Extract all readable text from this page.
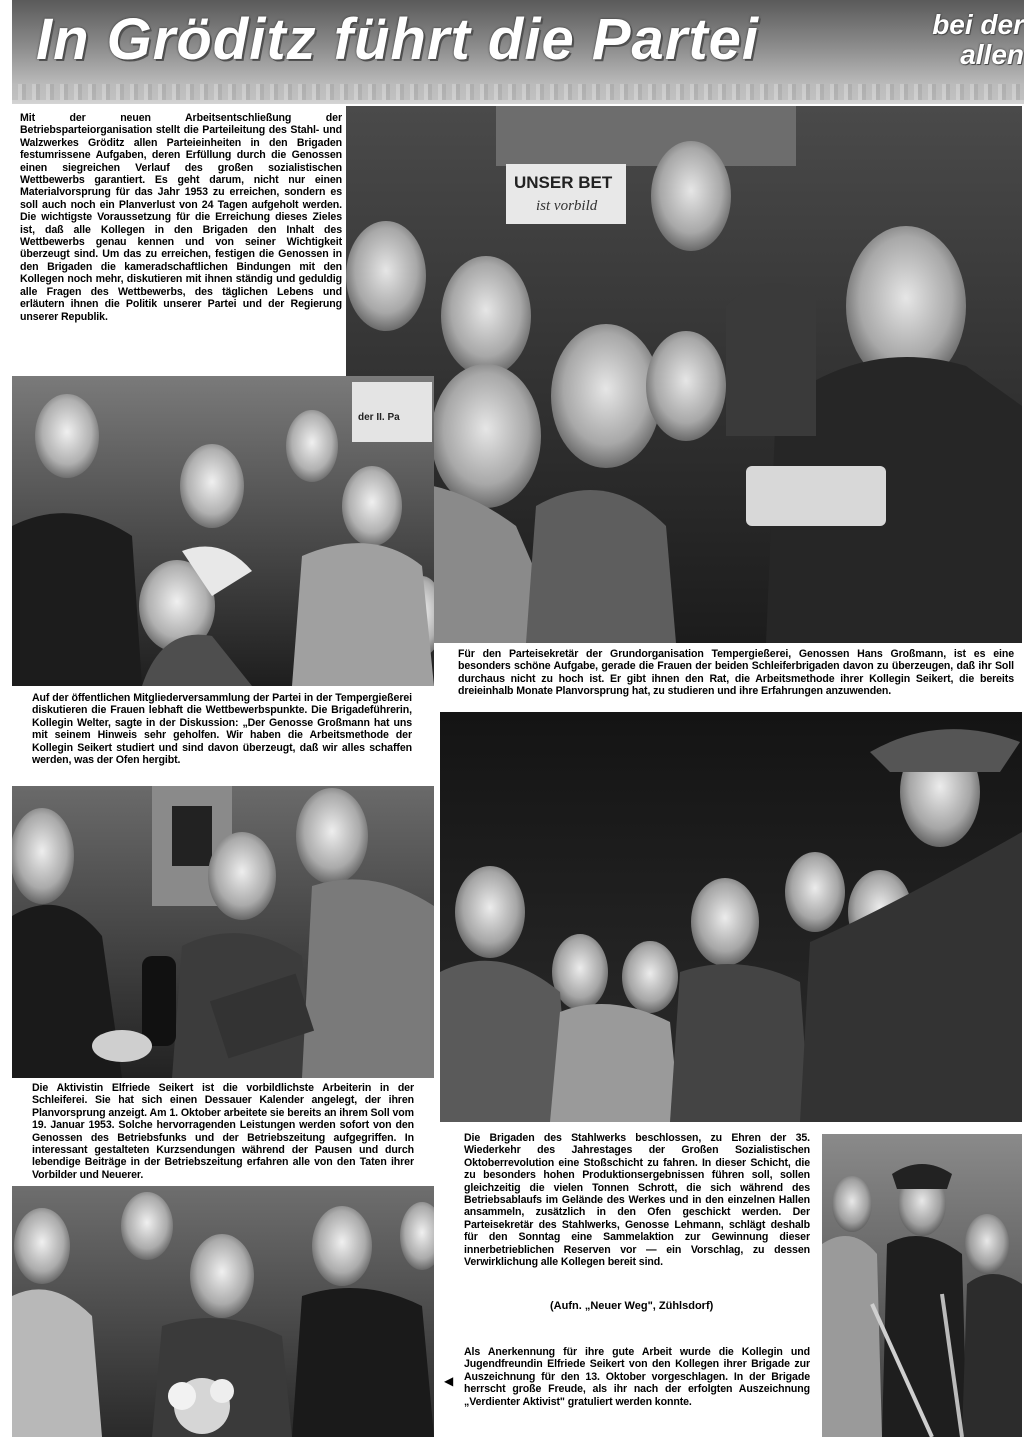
In Gröditz führt die Partei	bei der
allen
Mit der neuen Arbeitsentschließung der Betriebsparteiorganisation stellt die Parteileitung des Stahl- und Walzwerkes Gröditz allen Parteieinheiten in den Brigaden festumrissene Aufgaben, deren Erfüllung durch die Genossen einen siegreichen Verlauf des großen sozialistischen Wettbewerbs garantiert. Es geht darum, nicht nur einen Materialvorsprung für das Jahr 1953 zu erreichen, sondern es soll auch noch ein Planverlust von 24 Tagen aufgeholt werden. Die wichtigste Voraussetzung für die Erreichung dieses Zieles ist, daß alle Kollegen in den Brigaden den Inhalt des Wettbewerbs genau kennen und von seiner Wichtigkeit überzeugt sind. Um das zu erreichen, festigen die Genossen in den Brigaden die kameradschaftlichen Bindungen mit den Kollegen noch mehr, diskutieren mit ihnen ständig und geduldig alle Fragen des Wettbewerbs, des täglichen Lebens und erläutern ihnen die Politik unserer Partei und der Regierung unserer Republik.
UNSER BET
ist vorbild
der II. Pa
Auf der öffentlichen Mitgliederversammlung der Partei in der Tempergießerei diskutieren die Frauen lebhaft die Wettbewerbspunkte. Die Brigadeführerin, Kollegin Welter, sagte in der Diskussion: „Der Genosse Großmann hat uns mit seinem Hinweis sehr geholfen. Wir haben die Arbeitsmethode der Kollegin Seikert studiert und sind davon überzeugt, daß wir alles schaffen werden, was der Ofen hergibt.
Für den Parteisekretär der Grundorganisation Tempergießerei, Genossen Hans Großmann, ist es eine besonders schöne Aufgabe, gerade die Frauen der beiden Schleiferbrigaden davon zu überzeugen, daß ihr Soll durchaus nicht zu hoch ist. Er gibt ihnen den Rat, die Arbeitsmethode ihrer Kollegin Seikert, die bereits dreieinhalb Monate Planvorsprung hat, zu studieren und ihre Erfahrungen anzuwenden.
Die Aktivistin Elfriede Seikert ist die vorbildlichste Arbeiterin in der Schleiferei. Sie hat sich einen Dessauer Kalender angelegt, der ihren Planvorsprung anzeigt. Am 1. Oktober arbeitete sie bereits an ihrem Soll vom 19. Januar 1953. Solche hervorragenden Leistungen werden sofort von den Genossen des Betriebsfunks und der Betriebszeitung aufgegriffen. In interessant gestalteten Kurzsendungen während der Pausen und durch lebendige Beiträge in der Betriebszeitung erfahren alle von den Taten ihrer Vorbilder und Neuerer.
Die Brigaden des Stahlwerks beschlossen, zu Ehren der 35. Wiederkehr des Jahrestages der Großen Sozialistischen Oktoberrevolution eine Stoßschicht zu fahren. In dieser Schicht, die zu besonders hohen Produktionsergebnissen führen soll, sollen gleichzeitig die vielen Tonnen Schrott, die sich während des Betriebsablaufs im Gelände des Werkes und in den einzelnen Hallen ansammeln, zusätzlich in den Ofen geschickt werden. Der Parteisekretär des Stahlwerks, Genosse Lehmann, schlägt deshalb für den Sonntag eine Sammelaktion zur Gewinnung dieser innerbetrieblichen Reserven vor — ein Vorschlag, zu dessen Verwirklichung alle Kollegen bereit sind.
(Aufn. „Neuer Weg", Zühlsdorf)
Als Anerkennung für ihre gute Arbeit wurde die Kollegin und Jugendfreundin Elfriede Seikert von den Kollegen ihrer Brigade zur Auszeichnung für den 13. Oktober vorgeschlagen. In der Brigade herrscht große Freude, als ihr nach der erfolgten Auszeichnung „Verdienter Aktivist" gratuliert werden konnte.
◀
